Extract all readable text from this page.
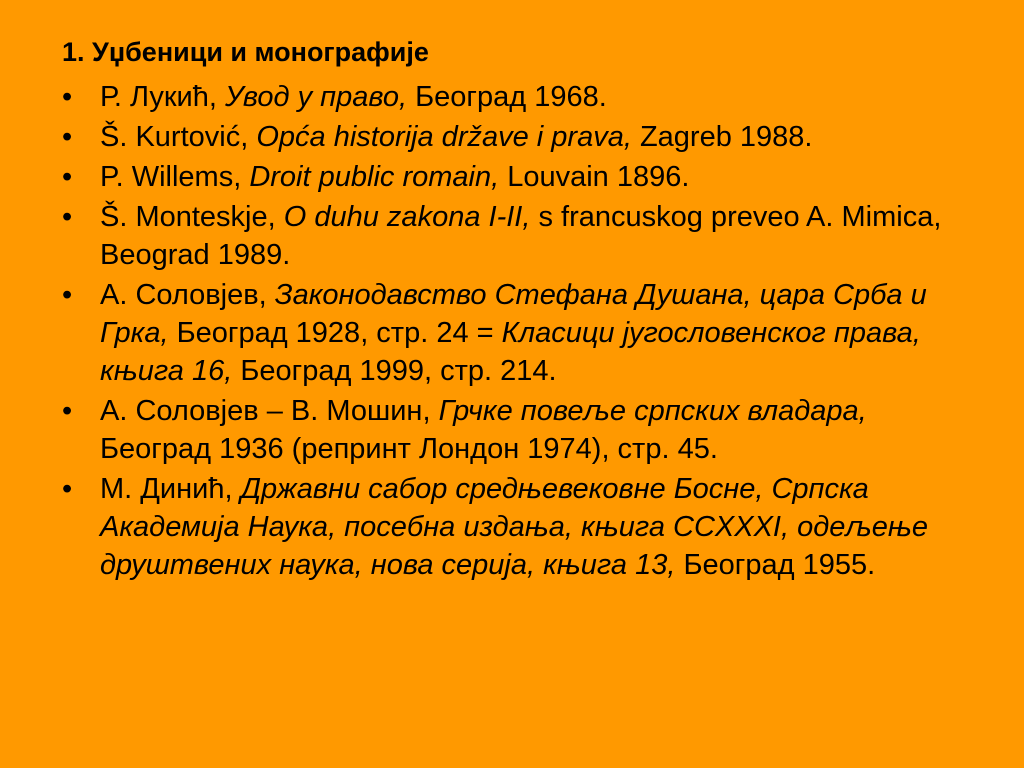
1. Уџбеници и монографије
• Р. Лукић, Увод у право, Београд 1968.
• Š. Kurtović, Opća historija države i prava, Zagreb 1988.
• P. Willems, Droit public romain, Louvain 1896.
• Š. Monteskje, O duhu zakona I-II, s francuskog preveo A. Mimica, Beograd 1989.
• А. Соловјев, Законодавство Стефана Душана, цара Срба и Грка, Београд 1928, стр. 24 = Класици југословенског права, књига 16, Београд 1999, стр. 214.
• А. Соловјев – В. Мошин, Грчке повеље српских владара, Београд 1936 (репринт Лондон 1974), стр. 45.
• М. Динић, Државни сабор средњевековне Босне, Српска Академија Наука, посебна издања, књига CCXXXI, одељење друштвених наука, нова серија, књига 13, Београд 1955.
